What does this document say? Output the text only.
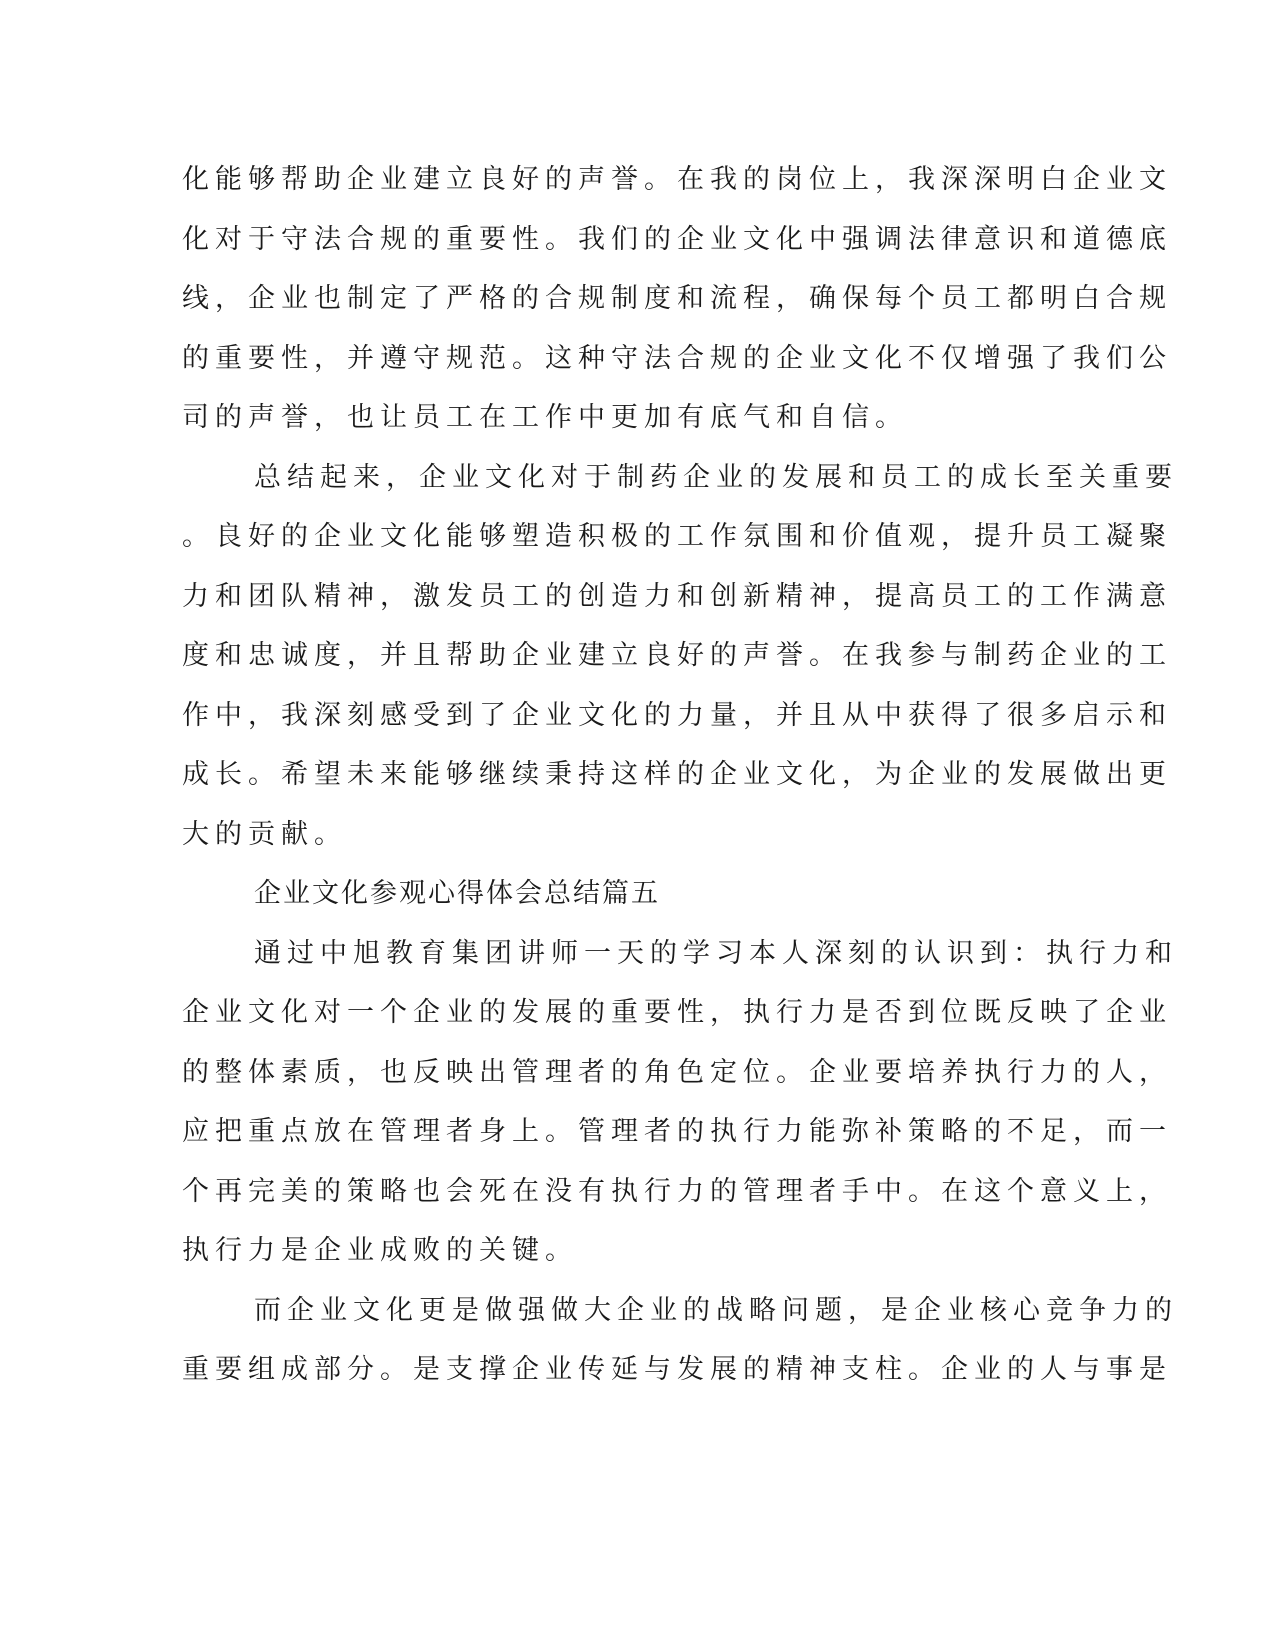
化能够帮助企业建立良好的声誉。在我的岗位上，我深深明白企业文
化对于守法合规的重要性。我们的企业文化中强调法律意识和道德底
线，企业也制定了严格的合规制度和流程，确保每个员工都明白合规
的重要性，并遵守规范。这种守法合规的企业文化不仅增强了我们公
司的声誉，也让员工在工作中更加有底气和自信。
总结起来，企业文化对于制药企业的发展和员工的成长至关重要
。良好的企业文化能够塑造积极的工作氛围和价值观，提升员工凝聚
力和团队精神，激发员工的创造力和创新精神，提高员工的工作满意
度和忠诚度，并且帮助企业建立良好的声誉。在我参与制药企业的工
作中，我深刻感受到了企业文化的力量，并且从中获得了很多启示和
成长。希望未来能够继续秉持这样的企业文化，为企业的发展做出更
大的贡献。
企业文化参观心得体会总结篇五
通过中旭教育集团讲师一天的学习本人深刻的认识到：执行力和
企业文化对一个企业的发展的重要性，执行力是否到位既反映了企业
的整体素质，也反映出管理者的角色定位。企业要培养执行力的人，
应把重点放在管理者身上。管理者的执行力能弥补策略的不足，而一
个再完美的策略也会死在没有执行力的管理者手中。在这个意义上，
执行力是企业成败的关键。
而企业文化更是做强做大企业的战略问题，是企业核心竞争力的
重要组成部分。是支撑企业传延与发展的精神支柱。企业的人与事是
